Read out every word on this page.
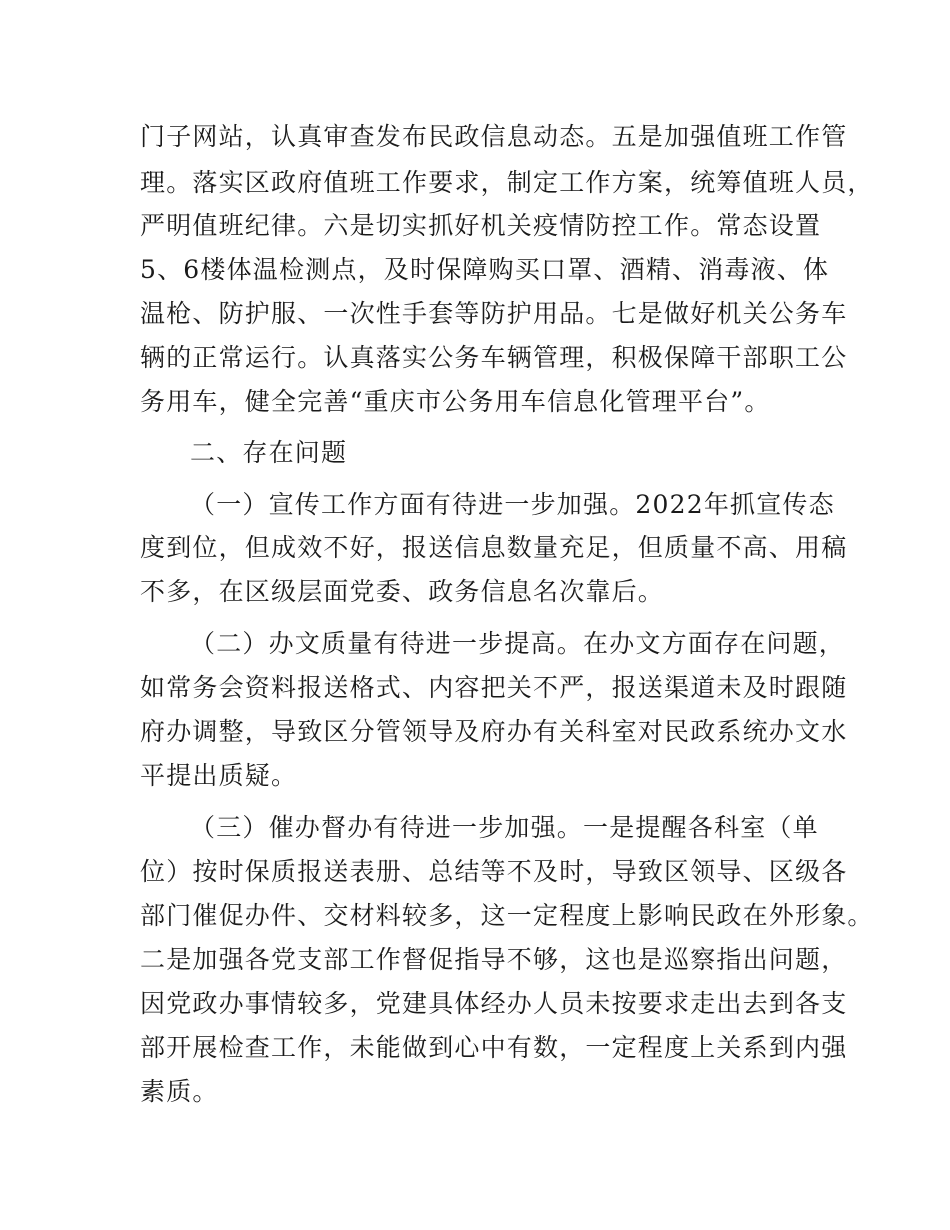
门子网站，认真审查发布民政信息动态。五是加强值班工作管
理。落实区政府值班工作要求，制定工作方案，统筹值班人员，
严明值班纪律。六是切实抓好机关疫情防控工作。常态设置
5、6楼体温检测点，及时保障购买口罩、酒精、消毒液、体
温枪、防护服、一次性手套等防护用品。七是做好机关公务车
辆的正常运行。认真落实公务车辆管理，积极保障干部职工公
务用车，健全完善“重庆市公务用车信息化管理平台”。
二、存在问题
（一）宣传工作方面有待进一步加强。2022年抓宣传态
度到位，但成效不好，报送信息数量充足，但质量不高、用稿
不多，在区级层面党委、政务信息名次靠后。
（二）办文质量有待进一步提高。在办文方面存在问题，
如常务会资料报送格式、内容把关不严，报送渠道未及时跟随
府办调整，导致区分管领导及府办有关科室对民政系统办文水
平提出质疑。
（三）催办督办有待进一步加强。一是提醒各科室（单
位）按时保质报送表册、总结等不及时，导致区领导、区级各
部门催促办件、交材料较多，这一定程度上影响民政在外形象。
二是加强各党支部工作督促指导不够，这也是巡察指出问题，
因党政办事情较多，党建具体经办人员未按要求走出去到各支
部开展检查工作，未能做到心中有数，一定程度上关系到内强
素质。
